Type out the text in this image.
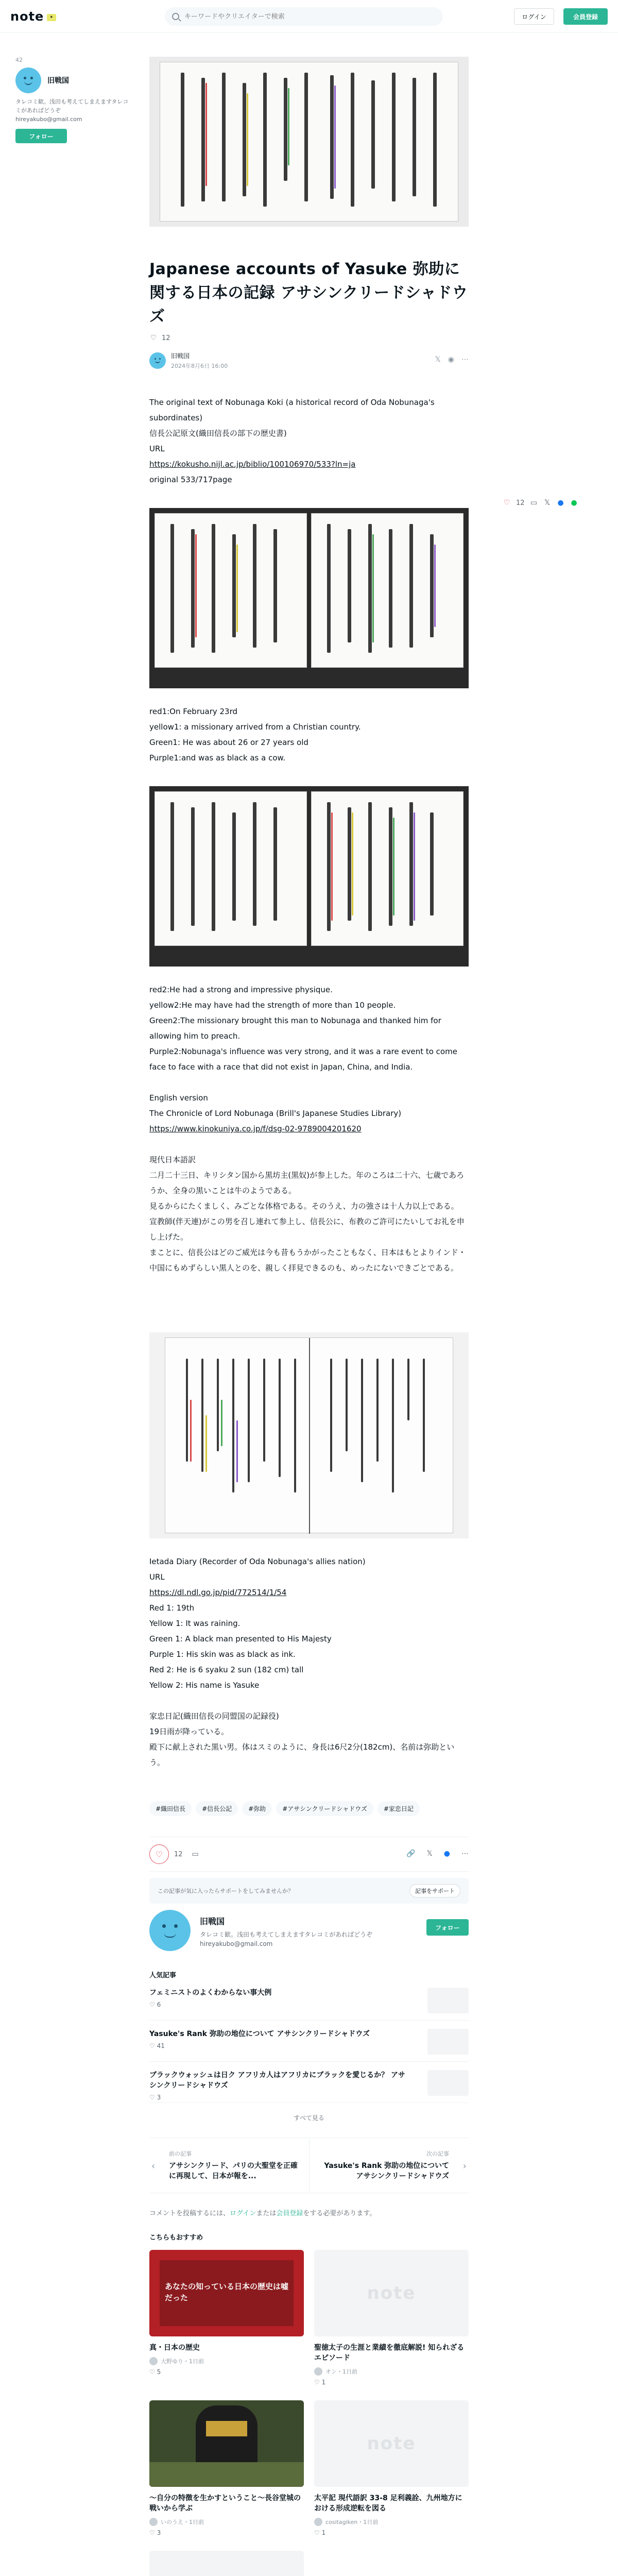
note	✦
キーワードやクリエイターで検索	ログイン	会員登録
42
旧戦国
タレコミ歓。浅田も考えてしまえますタレコミがあればどうぞ hireyakubo@gmail.com
フォロー
♡ 12 ▭ 𝕏 ● ●
Japanese accounts of Yasuke 弥助に関する日本の記録 アサシンクリードシャドウズ
♡ 12
旧戦国
2024年8月6日 16:00
𝕏 ◉ ⋯

The original text of Nobunaga Koki (a historical record of Oda Nobunaga's subordinates)

信長公記原文(織田信長の部下の歴史書)

URL

https://kokusho.nijl.ac.jp/biblio/100106970/533?ln=ja

original 533/717page

red1:On February 23rd

yellow1: a missionary arrived from a Christian country.

Green1: He was about 26 or 27 years old

Purple1:and was as black as a cow.

red2:He had a strong and impressive physique.

yellow2:He may have had the strength of more than 10 people.

Green2:The missionary brought this man to Nobunaga and thanked him for allowing him to preach.

Purple2:Nobunaga's influence was very strong, and it was a rare event to come face to face with a race that did not exist in Japan, China, and India.

English version

The Chronicle of Lord Nobunaga (Brill's Japanese Studies Library)

https://www.kinokuniya.co.jp/f/dsg-02-9789004201620

現代日本語訳

二月二十三日、キリシタン国から黒坊主(黒奴)が参上した。年のころは二十六、七歳であろうか、全身の黒いことは牛のようである。

見るからにたくましく、みごとな体格である。そのうえ、力の強さは十人力以上である。

宣教師(伴天連)がこの男を召し連れて参上し、信長公に、布教のご許可にたいしてお礼を申し上げた。

まことに、信長公はどのご威光は今も昔もうかがったこともなく、日本はもとよりインド・中国にもめずらしい黒人とのを、親しく拝見できるのも、めったにないできごとである。

Ietada Diary (Recorder of Oda Nobunaga's allies nation)

URL

https://dl.ndl.go.jp/pid/772514/1/54

Red 1: 19th

Yellow 1: It was raining.

Green 1: A black man presented to His Majesty

Purple 1: His skin was as black as ink.

Red 2: He is 6 syaku 2 sun (182 cm) tall

Yellow 2: His name is Yasuke

家忠日記(織田信長の同盟国の記録役)

19日雨が降っている。

殿下に献上された黒い男。体はスミのように、身長は6尺2分(182cm)、名前は弥助という。

#織田信長	#信長公記	#弥助	#アサシンクリードシャドウズ	#家忠日記
♡ 12 ▭	🔗 𝕏 ● ⋯
この記事が気に入ったらサポートをしてみませんか？	記事をサポート
旧戦国
タレコミ歓。浅田も考えてしまえますタレコミがあればどうぞ hireyakubo@gmail.com
フォロー
人気記事
フェミニストのよくわからない事大例
♡ 6
Yasuke's Rank 弥助の地位について アサシンクリードシャドウズ
♡ 41
ブラックウォッシュは日ク アフリカ人はアフリカにブラックを愛じるか？ アサシンクリードシャドウズ
♡ 3
すべて見る
‹
前の記事
アサシンクリード、パリの大聖堂を正確に再現して、日本が報を...
›
次の記事
Yasuke's Rank 弥助の地位について アサシンクリードシャドウズ
コメントを投稿するには、ログインまたは会員登録をする必要があります。
こちらもおすすめ
あなたの知っている日本の歴史は嘘だった
真・日本の歴史
大野ゆり・1日前
♡ 5
note
聖徳太子の生涯と業績を徹底解説! 知られざるエピソード
オン・1日前
♡ 1
〜自分の特徴を生かすということ〜長谷堂城の戦いから学ぶ
いのうえ・1日前
♡ 3
note
太平記 現代語訳 33-8 足利義詮、九州地方における形成逆転を図る
cositagiken・1日前
♡ 1
